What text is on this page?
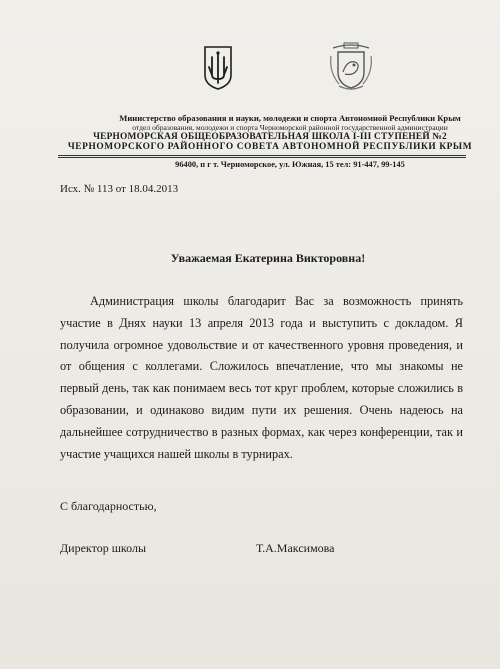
Министерство образования и науки, молодежи и спорта Автономной Республики Крым
отдел образования, молодежи и спорта Черноморской районной государственной администрации
ЧЕРНОМОРСКАЯ ОБЩЕОБРАЗОВАТЕЛЬНАЯ ШКОЛА І-ІІІ СТУПЕНЕЙ №2
ЧЕРНОМОРСКОГО РАЙОННОГО СОВЕТА АВТОНОМНОЙ РЕСПУБЛИКИ КРЫМ
96400, п г т. Черноморское, ул. Южная, 15 тел: 91-447, 99-145
Исх. № 113 от 18.04.2013
Уважаемая Екатерина Викторовна!
Администрация школы благодарит Вас за возможность принять участие в Днях науки 13 апреля 2013 года и выступить с докладом. Я получила огромное удовольствие и от качественного уровня проведения, и от общения с коллегами. Сложилось впечатление, что мы знакомы не первый день, так как понимаем весь тот круг проблем, которые сложились в образовании, и одинаково видим пути их решения. Очень надеюсь на дальнейшее сотрудничество в разных формах, как через конференции, так и участие учащихся нашей школы в турнирах.
С благодарностью,
Директор школы	Т.А.Максимова
